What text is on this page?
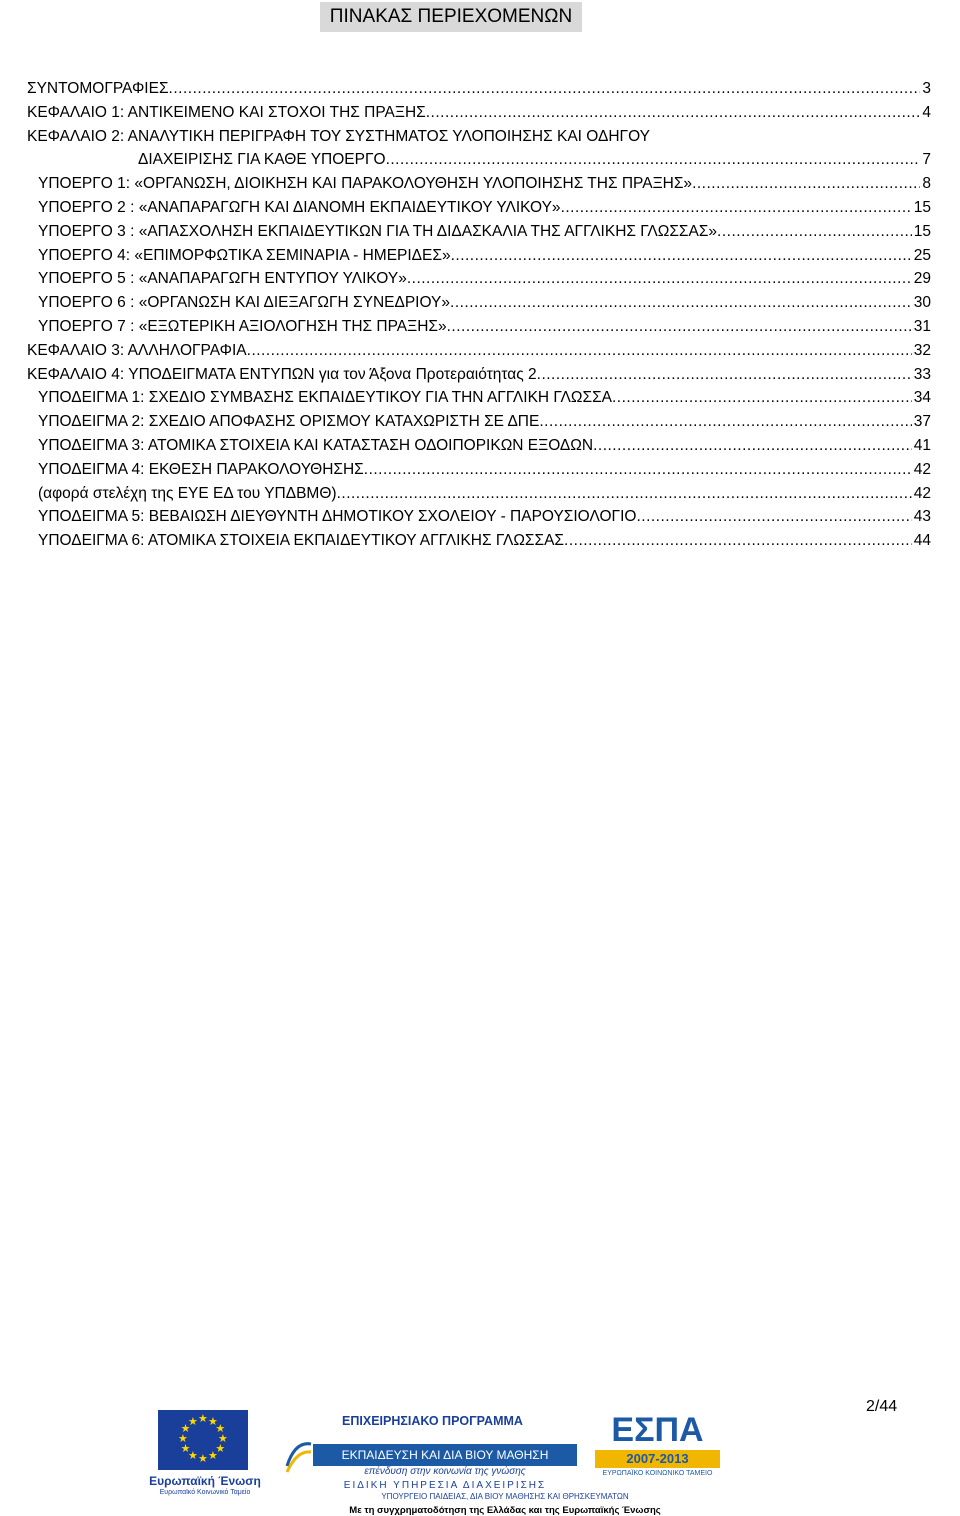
ΠΙΝΑΚΑΣ ΠΕΡΙΕΧΟΜΕΝΩΝ
ΣΥΝΤΟΜΟΓΡΑΦΙΕΣ .....	3
ΚΕΦΑΛΑΙΟ 1: ΑΝΤΙΚΕΙΜΕΝΟ ΚΑΙ ΣΤΟΧΟΙ ΤΗΣ ΠΡΑΞΗΣ .....	4
ΚΕΦΑΛΑΙΟ 2: ΑΝΑΛΥΤΙΚΗ ΠΕΡΙΓΡΑΦΗ ΤΟΥ ΣΥΣΤΗΜΑΤΟΣ ΥΛΟΠΟΙΗΣΗΣ ΚΑΙ ΟΔΗΓΟΥ
ΔΙΑΧΕΙΡΙΣΗΣ ΓΙΑ ΚΑΘΕ ΥΠΟΕΡΓΟ .....	7
ΥΠΟΕΡΓΟ 1: «ΟΡΓΑΝΩΣΗ, ΔΙΟΙΚΗΣΗ ΚΑΙ ΠΑΡΑΚΟΛΟΥΘΗΣΗ ΥΛΟΠΟΙΗΣΗΣ ΤΗΣ ΠΡΑΞΗΣ» .....	8
ΥΠΟΕΡΓΟ 2 : «ΑΝΑΠΑΡΑΓΩΓΗ ΚΑΙ ΔΙΑΝΟΜΗ ΕΚΠΑΙΔΕΥΤΙΚΟΥ ΥΛΙΚΟΥ» .....	15
ΥΠΟΕΡΓΟ 3 : «ΑΠΑΣΧΟΛΗΣΗ ΕΚΠΑΙΔΕΥΤΙΚΩΝ ΓΙΑ ΤΗ ΔΙΔΑΣΚΑΛΙΑ ΤΗΣ ΑΓΓΛΙΚΗΣ ΓΛΩΣΣΑΣ» .....	15
ΥΠΟΕΡΓΟ 4: «ΕΠΙΜΟΡΦΩΤΙΚΑ ΣΕΜΙΝΑΡΙΑ - ΗΜΕΡΙΔΕΣ» .....	25
ΥΠΟΕΡΓΟ 5 : «ΑΝΑΠΑΡΑΓΩΓΗ ΕΝΤΥΠΟΥ ΥΛΙΚΟΥ» .....	29
ΥΠΟΕΡΓΟ 6 : «ΟΡΓΑΝΩΣΗ ΚΑΙ ΔΙΕΞΑΓΩΓΗ ΣΥΝΕΔΡΙΟΥ» .....	30
ΥΠΟΕΡΓΟ 7 : «ΕΞΩΤΕΡΙΚΗ ΑΞΙΟΛΟΓΗΣΗ ΤΗΣ ΠΡΑΞΗΣ» .....	31
ΚΕΦΑΛΑΙΟ 3: ΑΛΛΗΛΟΓΡΑΦΙΑ .....	32
ΚΕΦΑΛΑΙΟ 4: ΥΠΟΔΕΙΓΜΑΤΑ ΕΝΤΥΠΩΝ για τον Άξονα Προτεραιότητας 2 .....	33
ΥΠΟΔΕΙΓΜΑ 1: ΣΧΕΔΙΟ ΣΥΜΒΑΣΗΣ ΕΚΠΑΙΔΕΥΤΙΚΟΥ ΓΙΑ ΤΗΝ ΑΓΓΛΙΚΗ ΓΛΩΣΣΑ .....	34
ΥΠΟΔΕΙΓΜΑ 2: ΣΧΕΔΙΟ ΑΠΟΦΑΣΗΣ ΟΡΙΣΜΟΥ ΚΑΤΑΧΩΡΙΣΤΗ ΣΕ ΔΠΕ .....	37
ΥΠΟΔΕΙΓΜΑ 3: ΑΤΟΜΙΚΑ ΣΤΟΙΧΕΙΑ ΚΑΙ ΚΑΤΑΣΤΑΣΗ ΟΔΟΙΠΟΡΙΚΩΝ ΕΞΟΔΩΝ .....	41
ΥΠΟΔΕΙΓΜΑ 4: ΕΚΘΕΣΗ ΠΑΡΑΚΟΛΟΥΘΗΣΗΣ .....	42
(αφορά στελέχη της ΕΥΕ ΕΔ του ΥΠΔΒΜΘ) .....	42
ΥΠΟΔΕΙΓΜΑ 5: ΒΕΒΑΙΩΣΗ ΔΙΕΥΘΥΝΤΗ ΔΗΜΟΤΙΚΟΥ ΣΧΟΛΕΙΟΥ - ΠΑΡΟΥΣΙΟΛΟΓΙΟ .....	43
ΥΠΟΔΕΙΓΜΑ 6: ΑΤΟΜΙΚΑ ΣΤΟΙΧΕΙΑ ΕΚΠΑΙΔΕΥΤΙΚΟΥ ΑΓΓΛΙΚΗΣ ΓΛΩΣΣΑΣ .....	44
2/44
★ ★
★
★
★
★
★
★
★
★
★
★
Ευρωπαϊκή Ένωση
Ευρωπαϊκό Κοινωνικό Ταμείο
ΕΠΙΧΕΙΡΗΣΙΑΚΟ ΠΡΟΓΡΑΜΜΑ
ΕΚΠΑΙΔΕΥΣΗ ΚΑΙ ΔΙΑ ΒΙΟΥ ΜΑΘΗΣΗ
επένδυση στην κοινωνία της γνώσης
ΕΙΔΙΚΗ ΥΠΗΡΕΣΙΑ ΔΙΑΧΕΙΡΙΣΗΣ
ΕΣΠΑ
2007-2013
ΕΥΡΩΠΑΪΚΟ ΚΟΙΝΩΝΙΚΟ ΤΑΜΕΙΟ
ΥΠΟΥΡΓΕΙΟ ΠΑΙΔΕΙΑΣ, ΔΙΑ ΒΙΟΥ ΜΑΘΗΣΗΣ ΚΑΙ ΘΡΗΣΚΕΥΜΑΤΩΝ
Με τη συγχρηματοδότηση της Ελλάδας και της Ευρωπαϊκής Ένωσης
